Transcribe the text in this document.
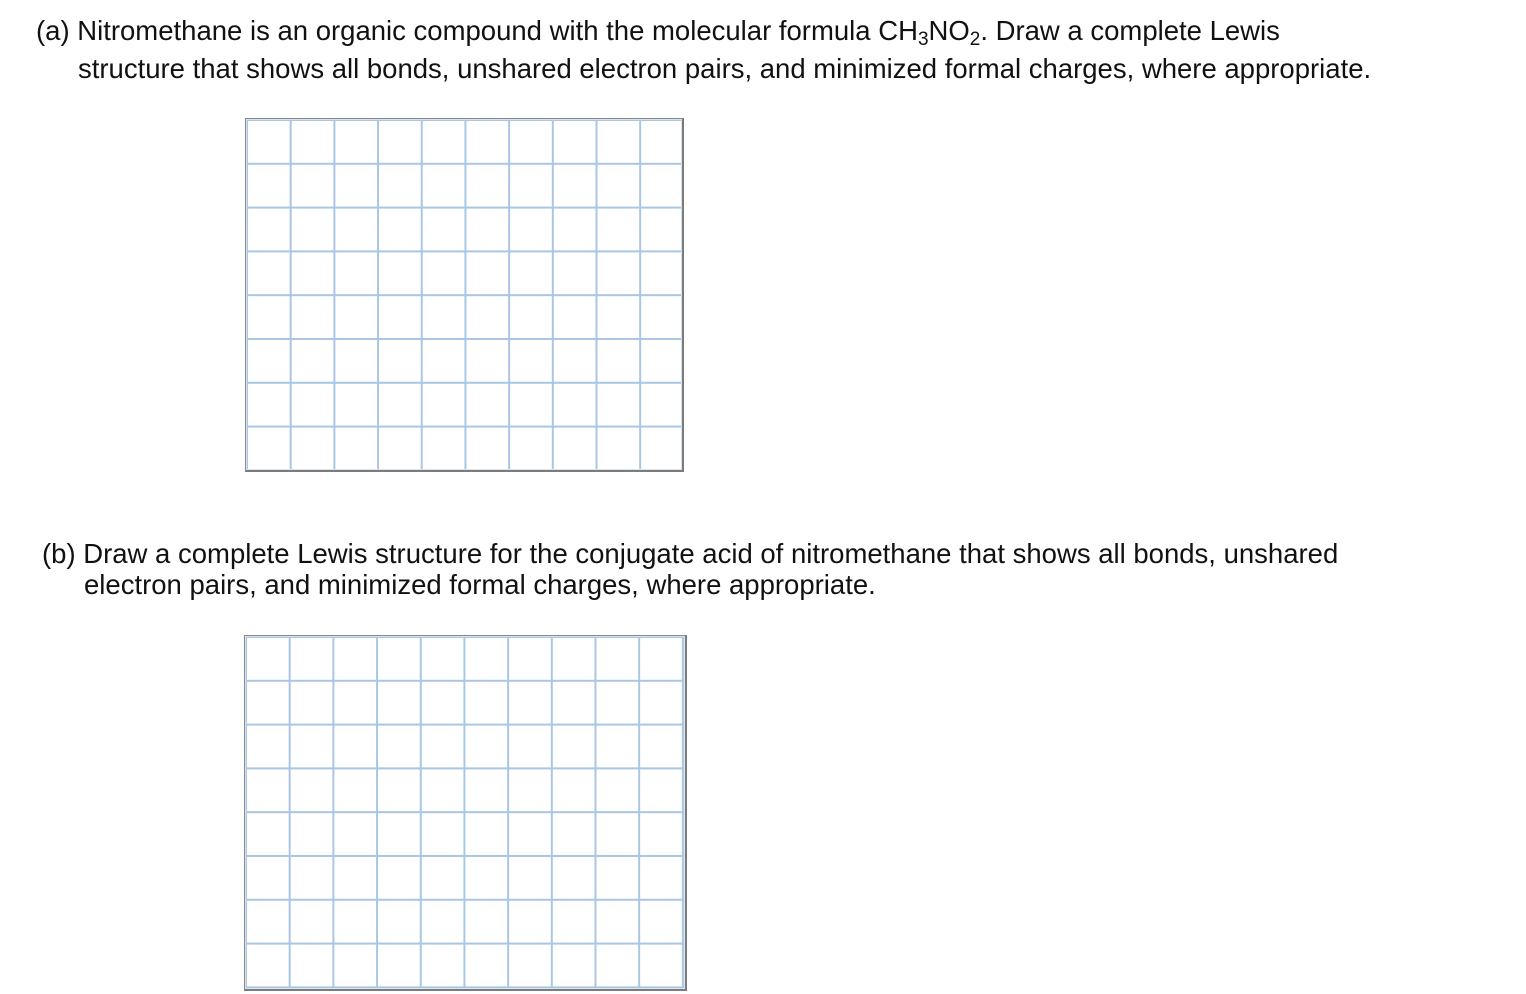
(a) Nitromethane is an organic compound with the molecular formula $CH_3NO_2$. Draw a complete Lewis
structure that shows all bonds, unshared electron pairs, and minimized formal charges, where appropriate.

(b) Draw a complete Lewis structure for the conjugate acid of nitromethane that shows all bonds, unshared
electron pairs, and minimized formal charges, where appropriate.
